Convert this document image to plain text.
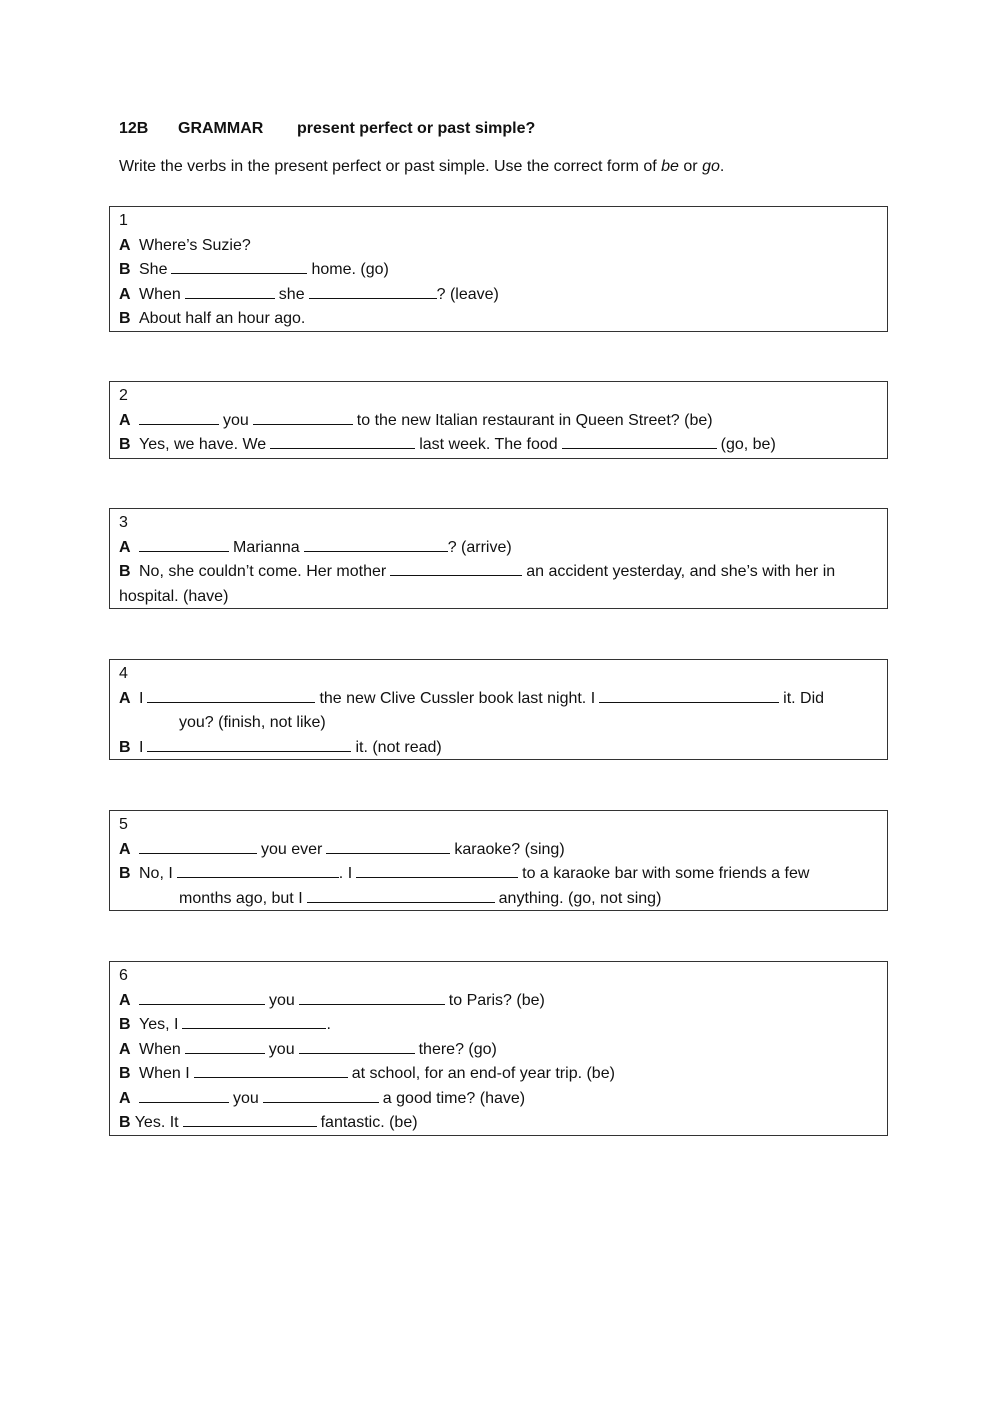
12B GRAMMAR present perfect or past simple?
Write the verbs in the present perfect or past simple. Use the correct form of be or go.
1
A Where’s Suzie?
B She	home. (go)
A When	she	? (leave)
B About half an hour ago.
2
A	you	to the new Italian restaurant in Queen Street? (be)
B Yes, we have. We	last week. The food	(go, be)
3
A	Marianna	? (arrive)
B No, she couldn’t come. Her mother	an accident yesterday, and she’s with her in
hospital. (have)
4
A I	the new Clive Cussler book last night. I	it. Did
you? (finish, not like)
B I	it. (not read)
5
A	you ever	karaoke? (sing)
B No, I	. I	to a karaoke bar with some friends a few
months ago, but I	anything. (go, not sing)
6
A	you	to Paris? (be)
B Yes, I	.
A When	you	there? (go)
B When I	at school, for an end-of year trip. (be)
A	you	a good time? (have)
B Yes. It	fantastic. (be)
